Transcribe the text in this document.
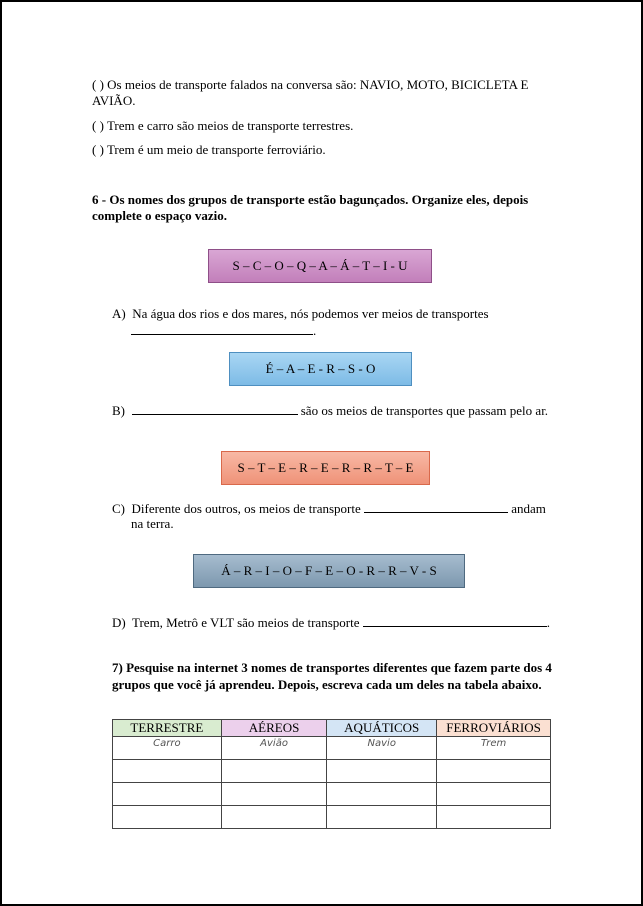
( ) Os meios de transporte falados na conversa são: NAVIO, MOTO, BICICLETA E
AVIÃO.
( ) Trem e carro são meios de transporte terrestres.
( ) Trem é um meio de transporte ferroviário.
6 - Os nomes dos grupos de transporte estão bagunçados. Organize eles, depois
complete o espaço vazio.
S – C – O – Q – A – Á – T – I - U
A) Na água dos rios e dos mares, nós podemos ver meios de transportes
.
É – A – E - R – S - O
B)	são os meios de transportes que passam pelo ar.
S – T – E – R – E – R – R – T – E
C) Diferente dos outros, os meios de transporte	andam
na terra.
Á – R – I – O – F – E – O - R – R – V - S
D) Trem, Metrô e VLT são meios de transporte	.
7) Pesquise na internet 3 nomes de transportes diferentes que fazem parte dos 4
grupos que você já aprendeu. Depois, escreva cada um deles na tabela abaixo.
TERRESTRE	AÉREOS	AQUÁTICOS	FERROVIÁRIOS
Carro	Avião	Navio	Trem
